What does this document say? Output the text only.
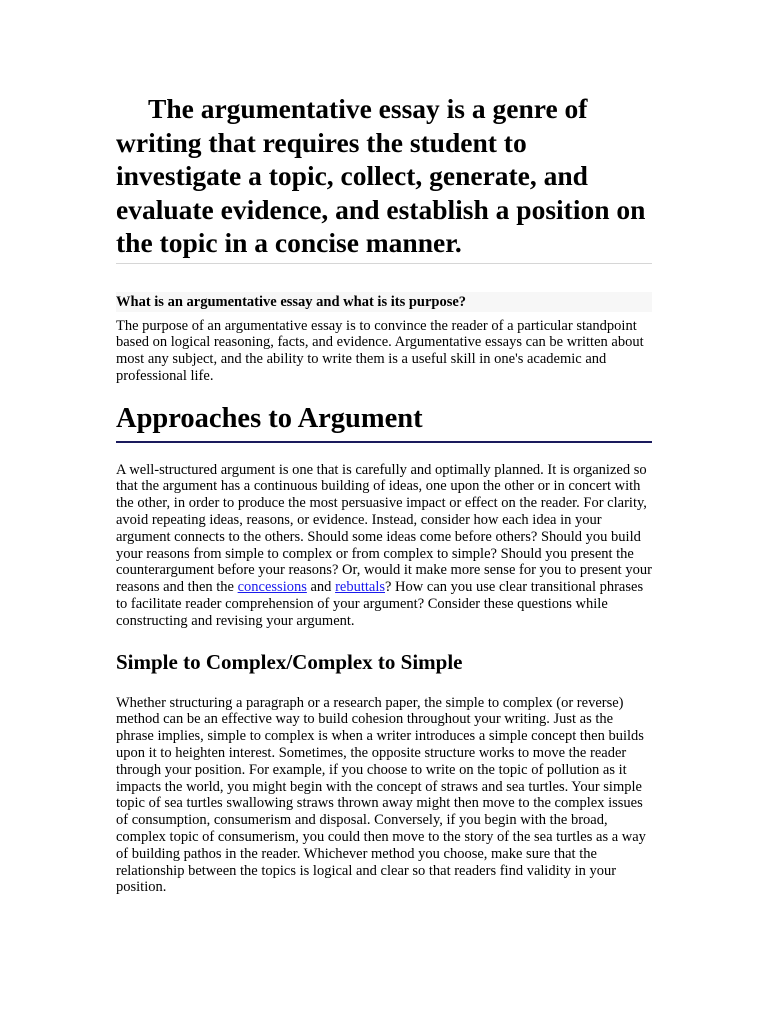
The argumentative essay is a genre of writing that requires the student to investigate a topic, collect, generate, and evaluate evidence, and establish a position on the topic in a concise manner.

What is an argumentative essay and what is its purpose?

The purpose of an argumentative essay is to convince the reader of a particular standpoint based on logical reasoning, facts, and evidence. Argumentative essays can be written about most any subject, and the ability to write them is a useful skill in one's academic and professional life.

Approaches to Argument

A well-structured argument is one that is carefully and optimally planned. It is organized so that the argument has a continuous building of ideas, one upon the other or in concert with the other, in order to produce the most persuasive impact or effect on the reader. For clarity, avoid repeating ideas, reasons, or evidence. Instead, consider how each idea in your argument connects to the others. Should some ideas come before others? Should you build your reasons from simple to complex or from complex to simple? Should you present the counterargument before your reasons? Or, would it make more sense for you to present your reasons and then the concessions and rebuttals? How can you use clear transitional phrases to facilitate reader comprehension of your argument? Consider these questions while constructing and revising your argument.

Simple to Complex/Complex to Simple

Whether structuring a paragraph or a research paper, the simple to complex (or reverse) method can be an effective way to build cohesion throughout your writing. Just as the phrase implies, simple to complex is when a writer introduces a simple concept then builds upon it to heighten interest. Sometimes, the opposite structure works to move the reader through your position. For example, if you choose to write on the topic of pollution as it impacts the world, you might begin with the concept of straws and sea turtles. Your simple topic of sea turtles swallowing straws thrown away might then move to the complex issues of consumption, consumerism and disposal. Conversely, if you begin with the broad, complex topic of consumerism, you could then move to the story of the sea turtles as a way of building pathos in the reader. Whichever method you choose, make sure that the relationship between the topics is logical and clear so that readers find validity in your position.
